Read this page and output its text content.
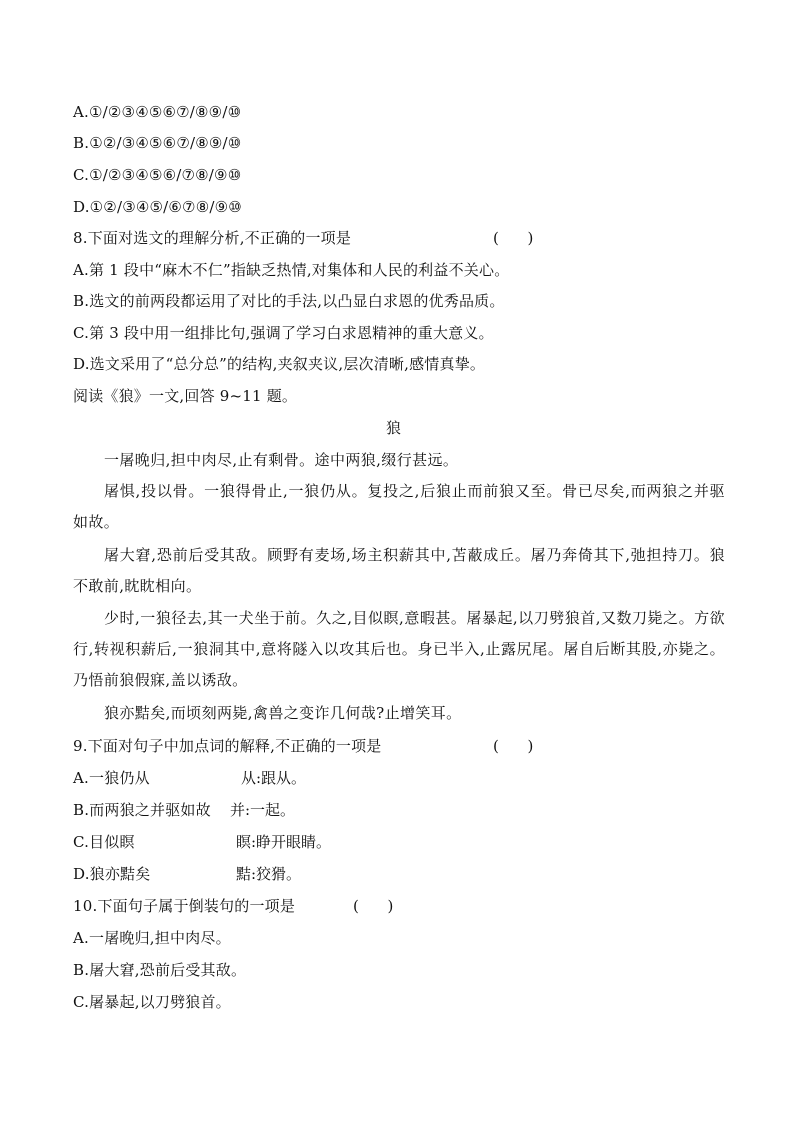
A.①/②③④⑤⑥⑦/⑧⑨/⑩
B.①②/③④⑤⑥⑦/⑧⑨/⑩
C.①/②③④⑤⑥/⑦⑧/⑨⑩
D.①②/③④⑤/⑥⑦⑧/⑨⑩
8.下面对选文的理解分析,不正确的一项是	(      )
A.第 1 段中“麻木不仁”指缺乏热情,对集体和人民的利益不关心。
B.选文的前两段都运用了对比的手法,以凸显白求恩的优秀品质。
C.第 3 段中用一组排比句,强调了学习白求恩精神的重大意义。
D.选文采用了“总分总”的结构,夹叙夹议,层次清晰,感情真挚。
阅读《狼》一文,回答 9~11 题。
狼
一屠晚归,担中肉尽,止有剩骨。途中两狼,缀行甚远。
屠惧,投以骨。一狼得骨止,一狼仍从。复投之,后狼止而前狼又至。骨已尽矣,而两狼之并驱如故。
屠大窘,恐前后受其敌。顾野有麦场,场主积薪其中,苫蔽成丘。屠乃奔倚其下,弛担持刀。狼不敢前,眈眈相向。
少时,一狼径去,其一犬坐于前。久之,目似瞑,意暇甚。屠暴起,以刀劈狼首,又数刀毙之。方欲行,转视积薪后,一狼洞其中,意将隧入以攻其后也。身已半入,止露尻尾。屠自后断其股,亦毙之。乃悟前狼假寐,盖以诱敌。
狼亦黠矣,而顷刻两毙,禽兽之变诈几何哉?止增笑耳。
9.下面对句子中加点词的解释,不正确的一项是	(      )
A.一狼仍从	从:跟从。
B.而两狼之并驱如故 并:一起。
C.目似瞑	瞑:睁开眼睛。
D.狼亦黠矣	黠:狡猾。
10.下面句子属于倒装句的一项是	(      )
A.一屠晚归,担中肉尽。
B.屠大窘,恐前后受其敌。
C.屠暴起,以刀劈狼首。
